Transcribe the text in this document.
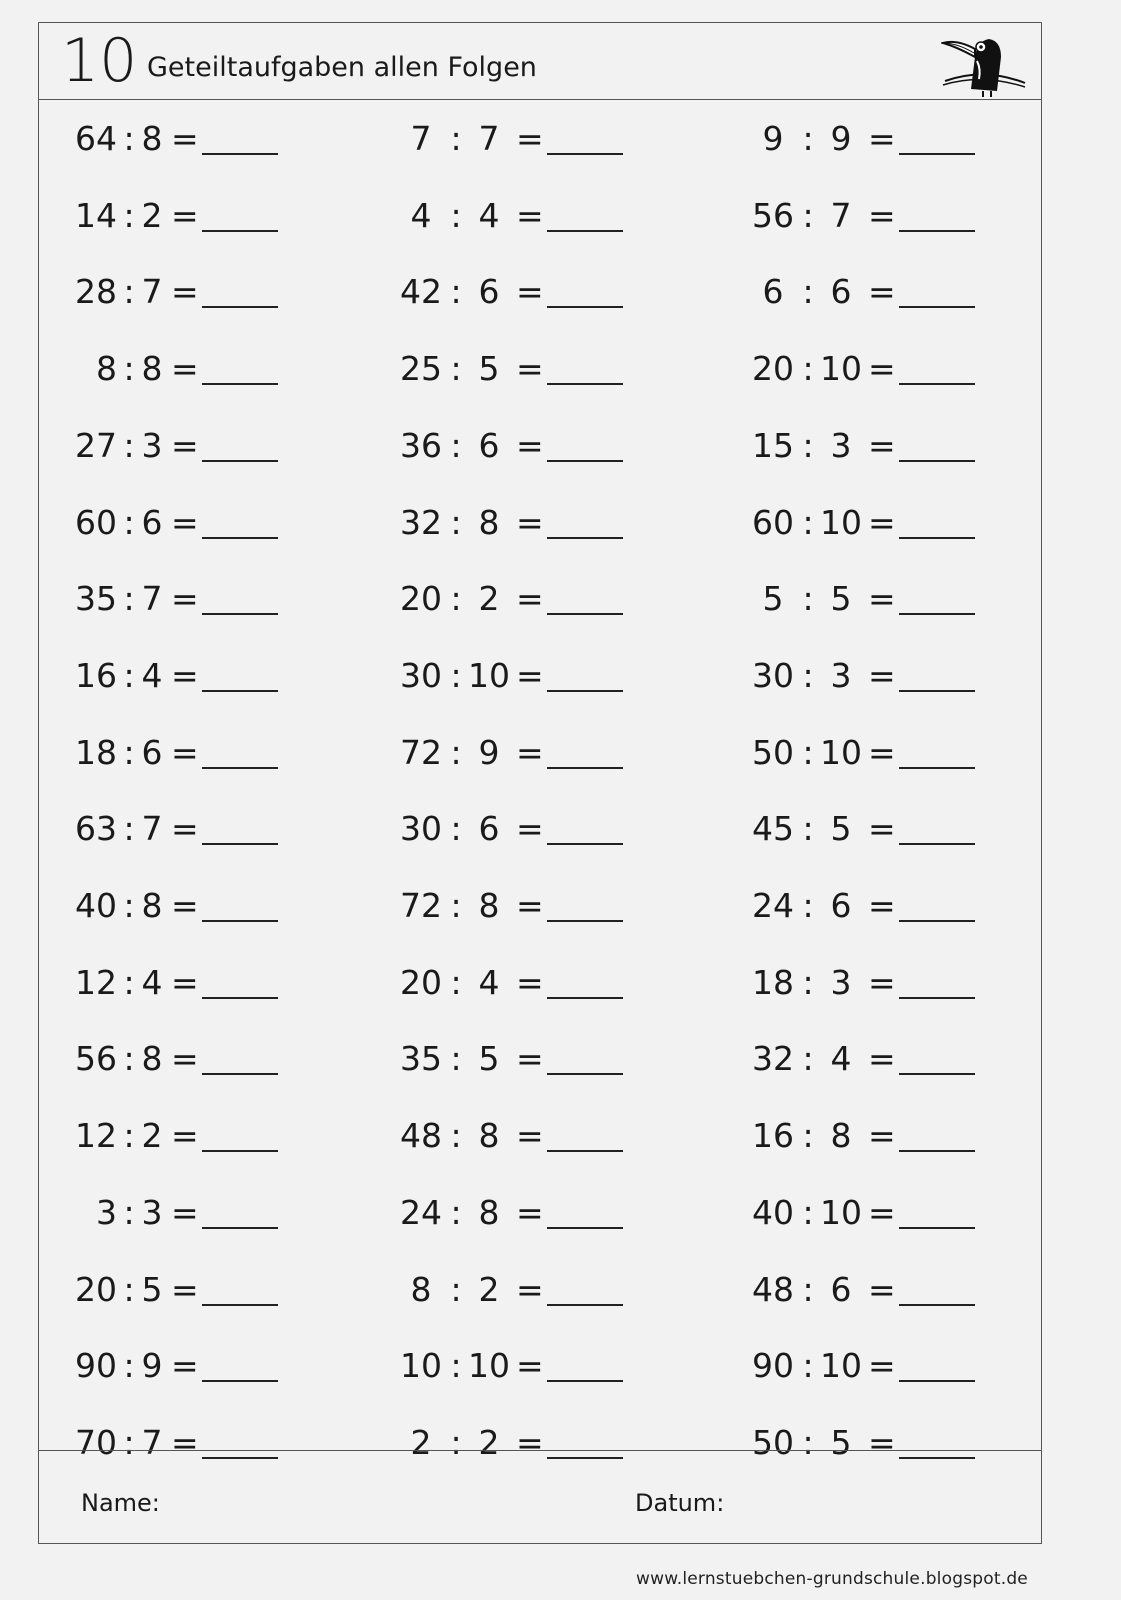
10 Geteiltaufgaben allen Folgen
64 : 8 =	7 : 7 =	9 : 9 =
14 : 2 =	4 : 4 =	56 : 7 =
28 : 7 =	42 : 6 =	6 : 6 =
8 : 8 =	25 : 5 =	20 : 10 =
27 : 3 =	36 : 6 =	15 : 3 =
60 : 6 =	32 : 8 =	60 : 10 =
35 : 7 =	20 : 2 =	5 : 5 =
16 : 4 =	30 : 10 =	30 : 3 =
18 : 6 =	72 : 9 =	50 : 10 =
63 : 7 =	30 : 6 =	45 : 5 =
40 : 8 =	72 : 8 =	24 : 6 =
12 : 4 =	20 : 4 =	18 : 3 =
56 : 8 =	35 : 5 =	32 : 4 =
12 : 2 =	48 : 8 =	16 : 8 =
3 : 3 =	24 : 8 =	40 : 10 =
20 : 5 =	8 : 2 =	48 : 6 =
90 : 9 =	10 : 10 =	90 : 10 =
70 : 7 =	2 : 2 =	50 : 5 =
Name:	Datum:
www.lernstuebchen-grundschule.blogspot.de
